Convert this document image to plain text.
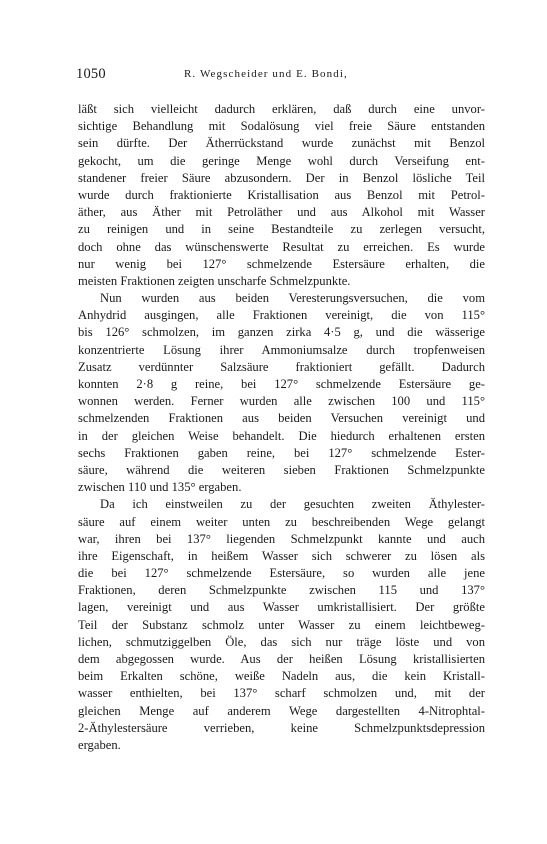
1050	R. Wegscheider und E. Bondi,
läßt sich vielleicht dadurch erklären, daß durch eine unvor-
sichtige Behandlung mit Sodalösung viel freie Säure entstanden
sein dürfte. Der Ätherrückstand wurde zunächst mit Benzol
gekocht, um die geringe Menge wohl durch Verseifung ent-
standener freier Säure abzusondern. Der in Benzol lösliche Teil
wurde durch fraktionierte Kristallisation aus Benzol mit Petrol-
äther, aus Äther mit Petroläther und aus Alkohol mit Wasser
zu reinigen und in seine Bestandteile zu zerlegen versucht,
doch ohne das wünschenswerte Resultat zu erreichen. Es wurde
nur wenig bei 127° schmelzende Estersäure erhalten, die
meisten Fraktionen zeigten unscharfe Schmelzpunkte.
Nun wurden aus beiden Veresterungsversuchen, die vom
Anhydrid ausgingen, alle Fraktionen vereinigt, die von 115°
bis 126° schmolzen, im ganzen zirka 4·5 g, und die wässerige
konzentrierte Lösung ihrer Ammoniumsalze durch tropfenweisen
Zusatz verdünnter Salzsäure fraktioniert gefällt. Dadurch
konnten 2·8 g reine, bei 127° schmelzende Estersäure ge-
wonnen werden. Ferner wurden alle zwischen 100 und 115°
schmelzenden Fraktionen aus beiden Versuchen vereinigt und
in der gleichen Weise behandelt. Die hiedurch erhaltenen ersten
sechs Fraktionen gaben reine, bei 127° schmelzende Ester-
säure, während die weiteren sieben Fraktionen Schmelzpunkte
zwischen 110 und 135° ergaben.
Da ich einstweilen zu der gesuchten zweiten Äthylester-
säure auf einem weiter unten zu beschreibenden Wege gelangt
war, ihren bei 137° liegenden Schmelzpunkt kannte und auch
ihre Eigenschaft, in heißem Wasser sich schwerer zu lösen als
die bei 127° schmelzende Estersäure, so wurden alle jene
Fraktionen, deren Schmelzpunkte zwischen 115 und 137°
lagen, vereinigt und aus Wasser umkristallisiert. Der größte
Teil der Substanz schmolz unter Wasser zu einem leichtbeweg-
lichen, schmutziggelben Öle, das sich nur träge löste und von
dem abgegossen wurde. Aus der heißen Lösung kristallisierten
beim Erkalten schöne, weiße Nadeln aus, die kein Kristall-
wasser enthielten, bei 137° scharf schmolzen und, mit der
gleichen Menge auf anderem Wege dargestellten 4-Nitrophtal-
2-Äthylestersäure verrieben, keine Schmelzpunktsdepression
ergaben.
